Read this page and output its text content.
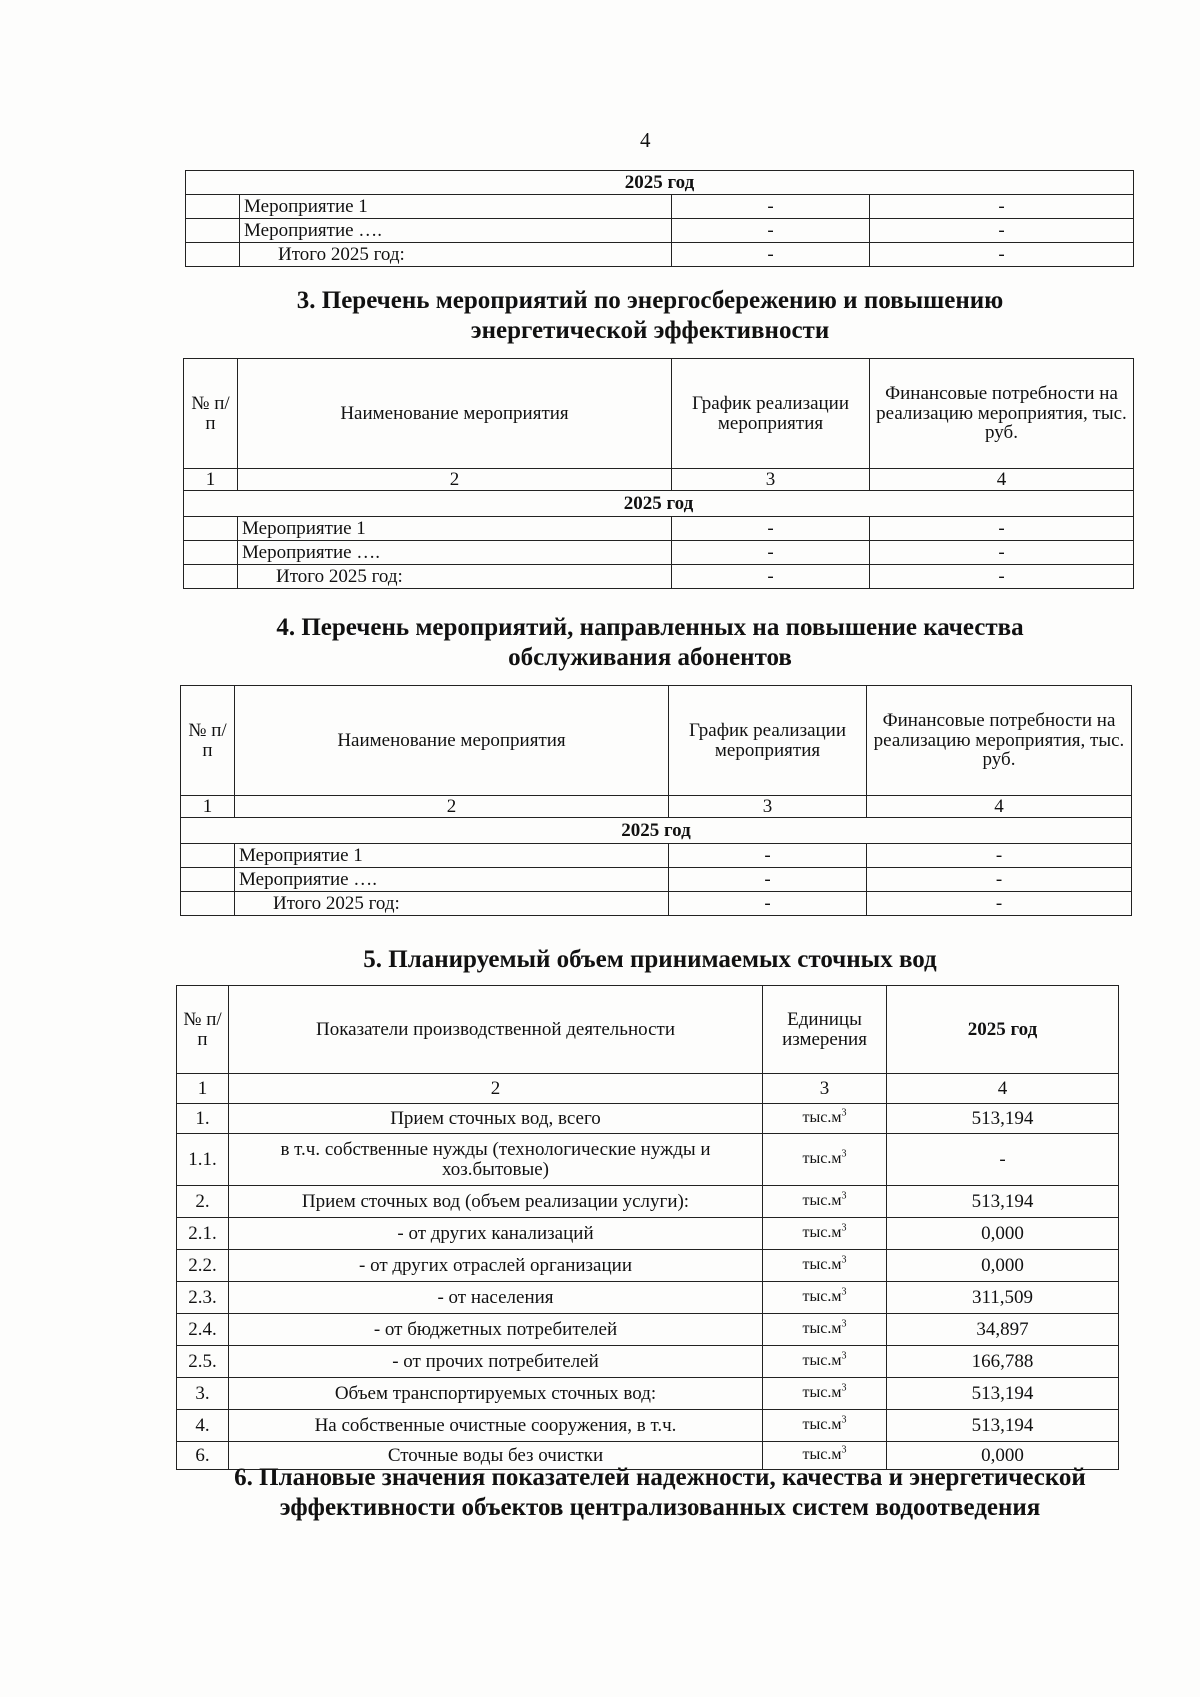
4
2025 год			
	Мероприятие 1	-	-
	Мероприятие ….	-	-
	Итого 2025 год:	-	-
3. Перечень мероприятий по энергосбережению и повышению
энергетической эффективности
№ п/п	Наименование мероприятия	График реализации мероприятия	Финансовые потребности на реализацию мероприятия, тыс. руб.
1	2	3	4
2025 год			
	Мероприятие 1	-	-
	Мероприятие ….	-	-
	Итого 2025 год:	-	-
4. Перечень мероприятий, направленных на повышение качества
обслуживания абонентов
№ п/п	Наименование мероприятия	График реализации мероприятия	Финансовые потребности на реализацию мероприятия, тыс. руб.
1	2	3	4
2025 год			
	Мероприятие 1	-	-
	Мероприятие ….	-	-
	Итого 2025 год:	-	-
5. Планируемый объем принимаемых сточных вод
№ п/п	Показатели производственной деятельности	Единицы измерения	2025 год
1	2	3	4
1.	Прием сточных вод, всего	$тыс.м^3$	513,194
1.1.	в т.ч. собственные нужды (технологические нужды и хоз.бытовые)	$тыс.м^3$	-
2.	Прием сточных вод (объем реализации услуги):	$тыс.м^3$	513,194
2.1.	- от других канализаций	$тыс.м^3$	0,000
2.2.	- от других отраслей организации	$тыс.м^3$	0,000
2.3.	- от населения	$тыс.м^3$	311,509
2.4.	- от бюджетных потребителей	$тыс.м^3$	34,897
2.5.	- от прочих потребителей	$тыс.м^3$	166,788
3.	Объем транспортируемых сточных вод:	$тыс.м^3$	513,194
4.	На собственные очистные сооружения, в т.ч.	$тыс.м^3$	513,194
6.	Сточные воды без очистки	$тыс.м^3$	0,000
6. Плановые значения показателей надежности, качества и энергетической
эффективности объектов централизованных систем водоотведения
